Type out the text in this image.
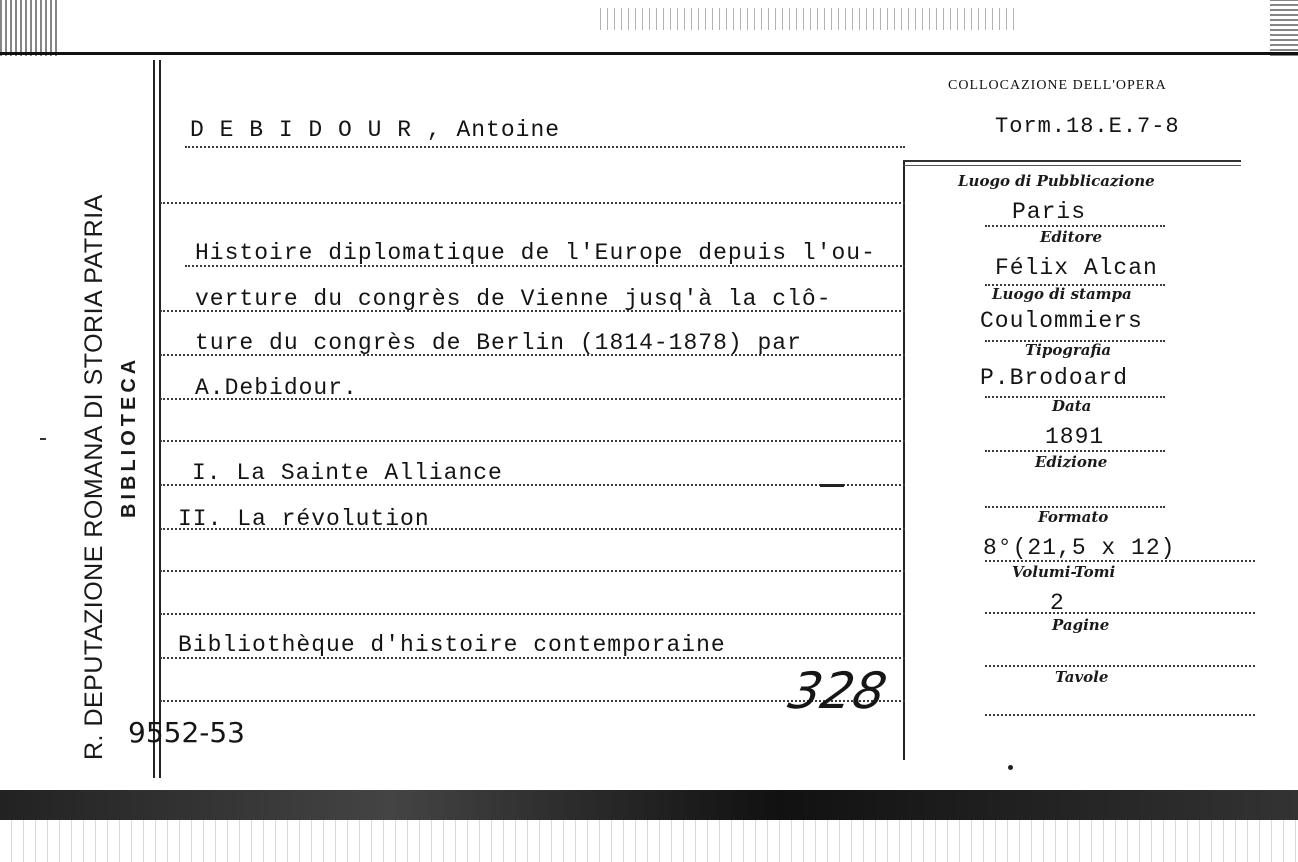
R. DEPUTAZIONE ROMANA DI STORIA PATRIA BIBLIOTECA
COLLOCAZIONE DELL'OPERA
Torm.18.E.7-8
D E B I D O U R , Antoine
Histoire diplomatique de l'Europe depuis l'ou-
verture du congrès de Vienne jusq'à la clô-
ture du congrès de Berlin (1814-1878) par
A.Debidour.
I. La Sainte Alliance
II. La révolution
Bibliothèque d'histoire contemporaine
328
9552-53
Luogo di Pubblicazione
Paris
Editore
Félix Alcan
Luogo di stampa
Coulommiers
Tipografia
P.Brodoard
Data
1891
Edizione
Formato
8°(21,5 x 12)
Volumi-Tomi
2
Pagine
Tavole
